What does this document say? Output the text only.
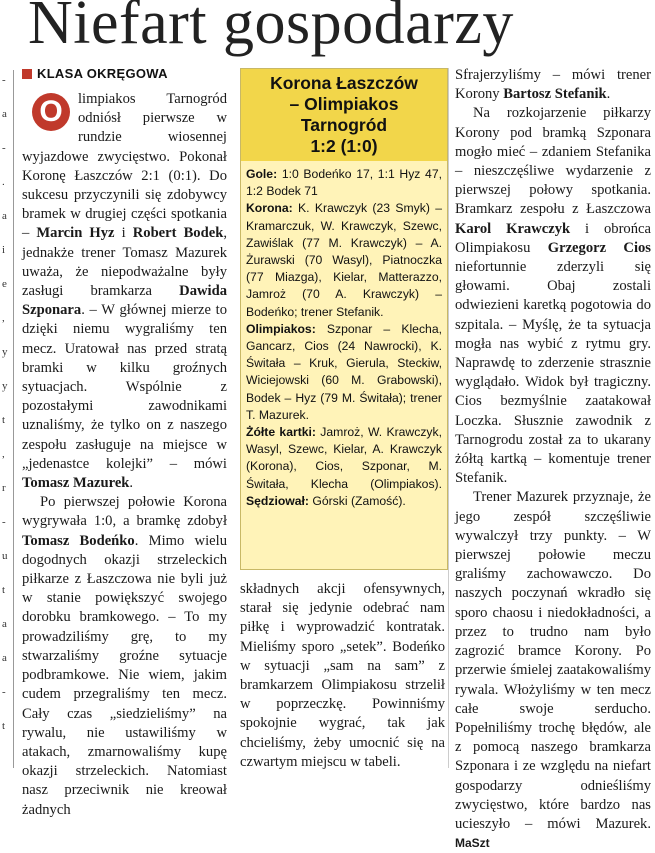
Niefart gospodarzy
-
a
-
.
a
i
e
,
y
y
t
,
r
-
u
t
a
a
-
t
KLASA OKRĘGOWA

O	limpiakos Tarnogród odniósł pierwsze w rundzie wiosennej wyjazdowe zwycięstwo. Pokonał Koronę Łaszczów 2:1 (0:1). Do sukcesu przyczynili się zdobywcy bramek w drugiej części spotkania – Marcin Hyz i Robert Bodek, jednakże trener Tomasz Mazurek uważa, że niepodważalne były zasługi bramkarza Dawida Szponara. – W głównej mierze to dzięki niemu wygraliśmy ten mecz. Uratował nas przed stratą bramki w kilku groźnych sytuacjach. Wspólnie z pozostałymi zawodnikami uznaliśmy, że tylko on z naszego zespołu zasługuje na miejsce w „jedenastce kolejki” – mówi Tomasz Mazurek.

Po pierwszej połowie Korona wygrywała 1:0, a bramkę zdobył Tomasz Bodeńko. Mimo wielu dogodnych okazji strzeleckich piłkarze z Łaszczowa nie byli już w stanie powiększyć swojego dorobku bramkowego. – To my prowadziliśmy grę, to my stwarzaliśmy groźne sytuacje podbramkowe. Nie wiem, jakim cudem przegraliśmy ten mecz. Cały czas „siedzieliśmy” na rywalu, nie ustawiliśmy w atakach, zmarnowaliśmy kupę okazji strzeleckich. Natomiast nasz przeciwnik nie kreował żadnych

Korona Łaszczów
– Olimpiakos Tarnogród
1:2 (1:0)

Gole: 1:0 Bodeńko 17, 1:1 Hyz 47, 1:2 Bodek 71

Korona: K. Krawczyk (23 Smyk) – Kramarczuk, W. Krawczyk, Szewc, Zawiślak (77 M. Krawczyk) – A. Żurawski (70 Wasyl), Piatnoczka (77 Miazga), Kielar, Matterazzo, Jamroż (70 A. Krawczyk) – Bodeńko; trener Stefanik.

Olimpiakos: Szponar – Klecha, Gancarz, Cios (24 Nawrocki), K. Świtała – Kruk, Gierula, Steckiw, Wiciejowski (60 M. Grabowski), Bodek – Hyz (79 M. Świtała); trener T. Mazurek.

Żółte kartki: Jamroż, W. Krawczyk, Wasyl, Szewc, Kielar, A. Krawczyk (Korona), Cios, Szponar, M. Świtała, Klecha (Olimpiakos). Sędziował: Górski (Zamość).

składnych akcji ofensywnych, starał się jedynie odebrać nam piłkę i wyprowadzić kontratak. Mieliśmy sporo „setek”. Bodeńko w sytuacji „sam na sam” z bramkarzem Olimpiakosu strzelił w poprzeczkę. Powinniśmy spokojnie wygrać, tak jak chcieliśmy, żeby umocnić się na czwartym miejscu w tabeli.

Sfrajerzyliśmy – mówi trener Korony Bartosz Stefanik.

Na rozkojarzenie piłkarzy Korony pod bramką Szponara mogło mieć – zdaniem Stefanika – nieszczęśliwe wydarzenie z pierwszej połowy spotkania. Bramkarz zespołu z Łaszczowa Karol Krawczyk i obrońca Olimpiakosu Grzegorz Cios niefortunnie zderzyli się głowami. Obaj zostali odwiezieni karetką pogotowia do szpitala. – Myślę, że ta sytuacja mogła nas wybić z rytmu gry. Naprawdę to zderzenie strasznie wyglądało. Widok był tragiczny. Cios bezmyślnie zaatakował Loczka. Słusznie zawodnik z Tarnogrodu został za to ukarany żółtą kartką – komentuje trener Stefanik.

Trener Mazurek przyznaje, że jego zespół szczęśliwie wywalczył trzy punkty. – W pierwszej połowie meczu graliśmy zachowawczo. Do naszych poczynań wkradło się sporo chaosu i niedokładności, a przez to trudno nam było zagrozić bramce Korony. Po przerwie śmielej zaatakowaliśmy rywala. Włożyliśmy w ten mecz całe swoje serducho. Popełniliśmy trochę błędów, ale z pomocą naszego bramkarza Szponara i ze względu na niefart gospodarzy odnieśliśmy zwycięstwo, które bardzo nas ucieszyło – mówi Mazurek. MaSzt
